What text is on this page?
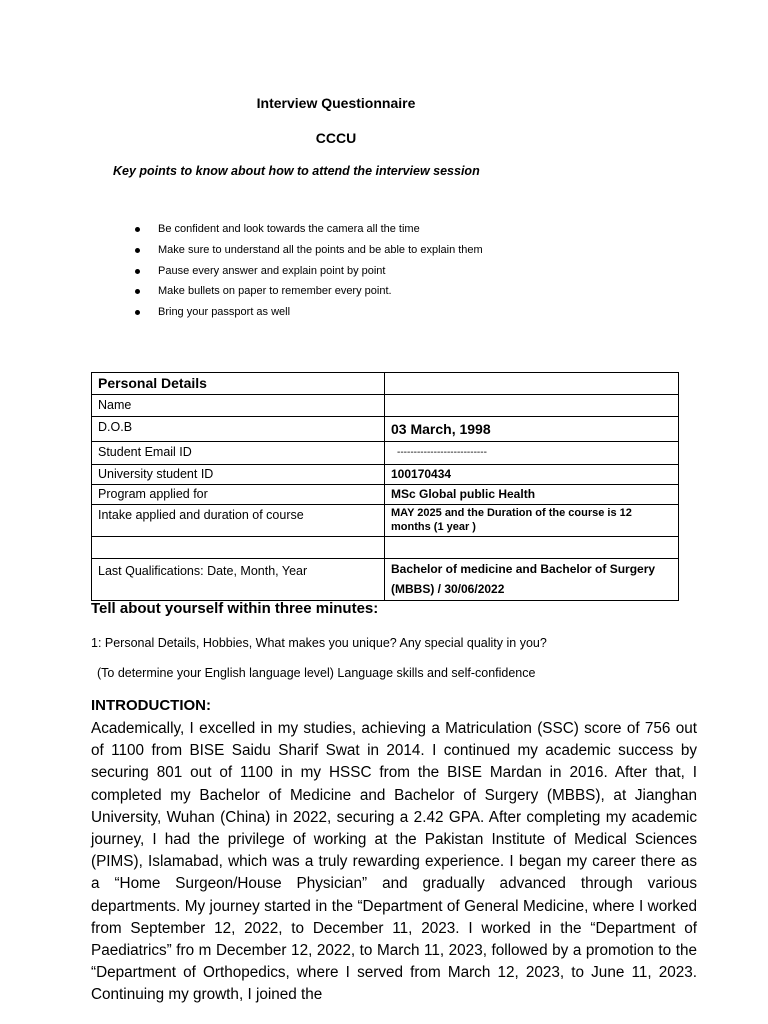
Interview Questionnaire
CCCU
Key points to know about how to attend the interview session
Be confident and look towards the camera all the time
Make sure to understand all the points and be able to explain them
Pause every answer and explain point by point
Make bullets on paper to remember every point.
Bring your passport as well
Personal Details	
Name	
D.O.B	03 March, 1998
Student Email ID	---------------------------
University student ID	100170434
Program applied for	MSc Global public Health
Intake applied and duration of course	MAY 2025 and the Duration of the course is 12 months (1 year )

Last Qualifications: Date, Month, Year	Bachelor of medicine and Bachelor of Surgery (MBBS) / 30/06/2022
Tell about yourself within three minutes:
1: Personal Details, Hobbies, What makes you unique? Any special quality in you?
(To determine your English language level) Language skills and self-confidence
INTRODUCTION:
Academically, I excelled in my studies, achieving a Matriculation (SSC) score of 756 out of 1100 from BISE Saidu Sharif Swat in 2014. I continued my academic success by securing 801 out of 1100 in my HSSC from the BISE Mardan in 2016. After that, I completed my Bachelor of Medicine and Bachelor of Surgery (MBBS), at Jianghan University, Wuhan (China) in 2022, securing a 2.42 GPA. After completing my academic journey, I had the privilege of working at the Pakistan Institute of Medical Sciences (PIMS), Islamabad, which was a truly rewarding experience. I began my career there as a “Home Surgeon/House Physician” and gradually advanced through various departments. My journey started in the “Department of General Medicine, where I worked from September 12, 2022, to December 11, 2023. I worked in the “Department of Paediatrics” fro m December 12, 2022, to March 11, 2023, followed by a promotion to the “Department of Orthopedics, where I served from March 12, 2023, to June 11, 2023. Continuing my growth, I joined the
